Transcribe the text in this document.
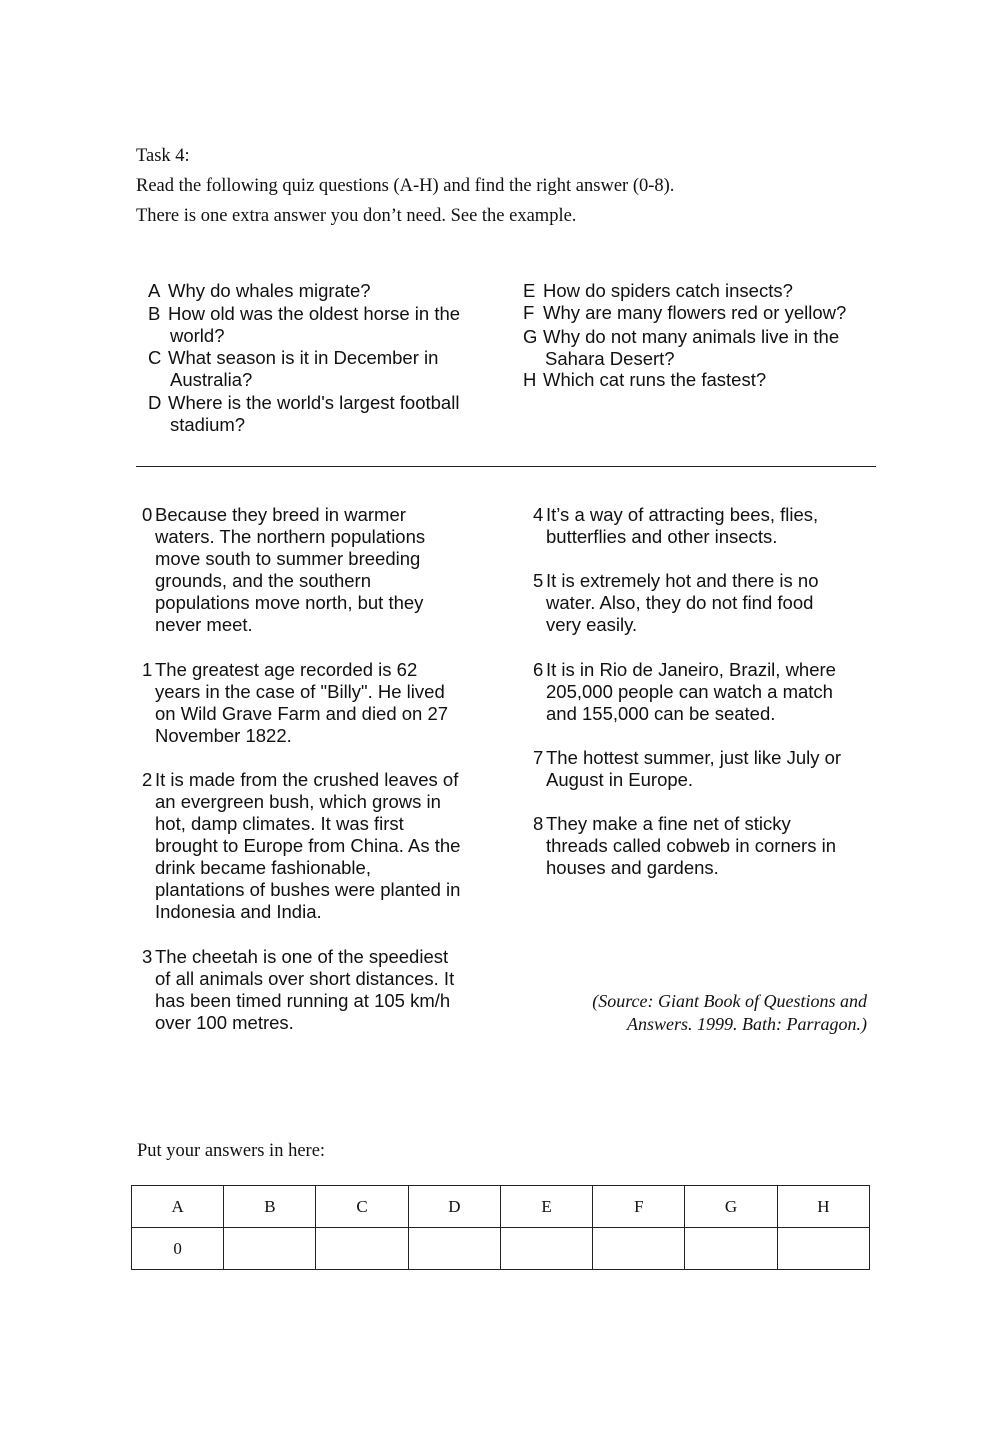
Task 4:
Read the following quiz questions (A-H) and find the right answer (0-8).
There is one extra answer you don’t need. See the example.
A Why do whales migrate?
B How old was the oldest horse in the
world?
C What season is it in December in
Australia?
D Where is the world's largest football
stadium?
E How do spiders catch insects?
F Why are many flowers red or yellow?
G Why do not many animals live in the
Sahara Desert?
H Which cat runs the fastest?
0 Because they breed in warmer
waters. The northern populations
move south to summer breeding
grounds, and the southern
populations move north, but they
never meet.
1 The greatest age recorded is 62
years in the case of "Billy". He lived
on Wild Grave Farm and died on 27
November 1822.
2 It is made from the crushed leaves of
an evergreen bush, which grows in
hot, damp climates. It was first
brought to Europe from China. As the
drink became fashionable,
plantations of bushes were planted in
Indonesia and India.
3 The cheetah is one of the speediest
of all animals over short distances. It
has been timed running at 105 km/h
over 100 metres.
4 It’s a way of attracting bees, flies,
butterflies and other insects.
5 It is extremely hot and there is no
water. Also, they do not find food
very easily.
6 It is in Rio de Janeiro, Brazil, where
205,000 people can watch a match
and 155,000 can be seated.
7 The hottest summer, just like July or
August in Europe.
8 They make a fine net of sticky
threads called cobweb in corners in
houses and gardens.
(Source: Giant Book of Questions and
Answers. 1999. Bath: Parragon.)
Put your answers in here:
A	B	C	D	E	F	G	H
0							
